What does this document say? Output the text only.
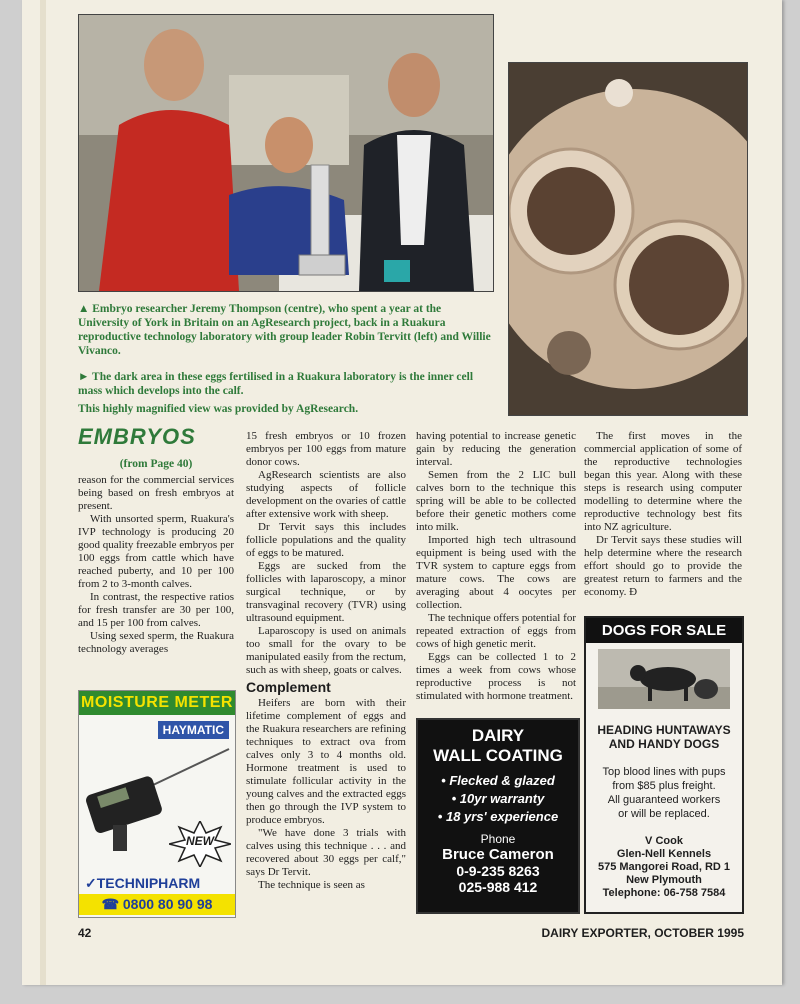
▲ Embryo researcher Jeremy Thompson (centre), who spent a year at the University of York in Britain on an AgResearch project, back in a Ruakura reproductive technology laboratory with group leader Robin Tervitt (left) and Willie Vivanco.
► The dark area in these eggs fertilised in a Ruakura laboratory is the inner cell mass which develops into the calf.
This highly magnified view was provided by AgResearch.
EMBRYOS
(from Page 40)

reason for the commercial services being based on fresh embryos at present.

With unsorted sperm, Ruakura's IVP technology is producing 20 good quality freezable embryos per 100 eggs from cattle which have reached puberty, and 10 per 100 from 2 to 3-month calves.

In contrast, the respective ratios for fresh transfer are 30 per 100, and 15 per 100 from calves.

Using sexed sperm, the Ruakura technology averages

15 fresh embryos or 10 frozen embryos per 100 eggs from mature donor cows.

AgResearch scientists are also studying aspects of follicle development on the ovaries of cattle after extensive work with sheep.

Dr Tervit says this includes follicle populations and the quality of eggs to be matured.

Eggs are sucked from the follicles with laparoscopy, a minor surgical technique, or by transvaginal recovery (TVR) using ultrasound equipment.

Laparoscopy is used on animals too small for the ovary to be manipulated easily from the rectum, such as with sheep, goats or calves.

Complement

Heifers are born with their lifetime complement of eggs and the Ruakura researchers are refining techniques to extract ova from calves only 3 to 4 months old. Hormone treatment is used to stimulate follicular activity in the young calves and the extracted eggs then go through the IVP system to produce embryos.

"We have done 3 trials with calves using this technique . . . and recovered about 30 eggs per calf," says Dr Tervit.

The technique is seen as

having potential to increase genetic gain by reducing the generation interval.

Semen from the 2 LIC bull calves born to the technique this spring will be able to be collected before their genetic mothers come into milk.

Imported high tech ultrasound equipment is being used with the TVR system to capture eggs from mature cows. The cows are averaging about 4 oocytes per collection.

The technique offers potential for repeated extraction of eggs from cows of high genetic merit.

Eggs can be collected 1 to 2 times a week from cows whose reproductive process is not stimulated with hormone treatment.

The first moves in the commercial application of some of the reproductive technologies began this year. Along with these steps is research using computer modelling to determine where the reproductive technology best fits into NZ agriculture.

Dr Tervit says these studies will help determine where the research effort should go to provide the greatest return to farmers and the economy. Ð

MOISTURE METER
HAYMATIC
NEW
✓TECHNIPHARM
☎ 0800 80 90 98
DAIRY
WALL COATING
• Flecked & glazed
• 10yr warranty
• 18 yrs' experience
Phone
Bruce Cameron
0-9-235 8263
025-988 412
DOGS FOR SALE
HEADING HUNTAWAYS
AND HANDY DOGS
Top blood lines with pups
from $85 plus freight.
All guaranteed workers
or will be replaced.
V Cook
Glen-Nell Kennels
575 Mangorei Road, RD 1
New Plymouth
Telephone: 06-758 7584
42	DAIRY EXPORTER, OCTOBER 1995
